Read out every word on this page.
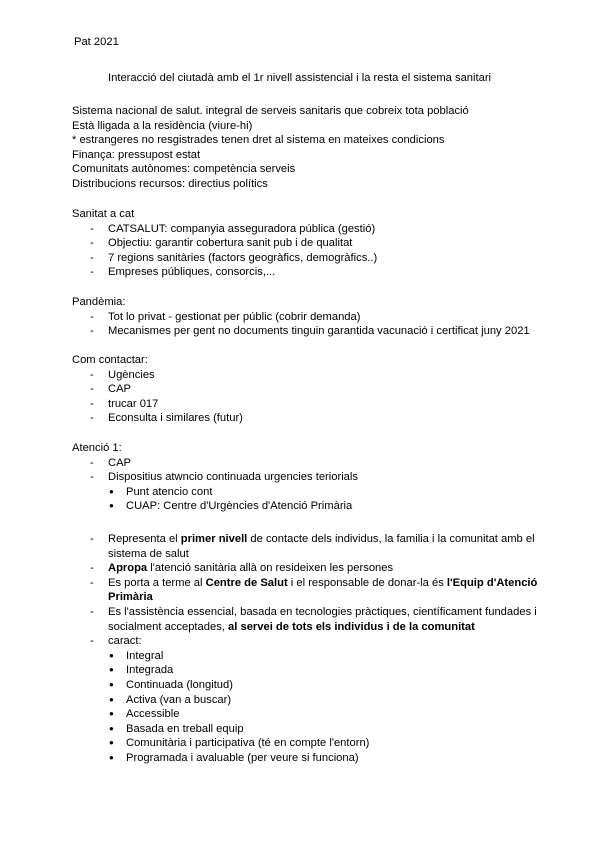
Pat 2021
Interacció del ciutadà amb el 1r nivell assistencial i la resta el sistema sanitari
Sistema nacional de salut. integral de serveis sanitaris que cobreix tota població
Està lligada a la residència (viure-hi)
* estrangeres no resgistrades tenen dret al sistema en mateixes condicions
Finança: pressupost estat
Comunitats autònomes: competència serveis
Distribucions recursos: directius polítics
Sanitat a cat
- CATSALUT: companyia asseguradora pública (gestió)
- Objectiu: garantir cobertura sanit pub i de qualitat
- 7 regions sanitàries (factors geogràfics, demogràfics..)
- Empreses públiques, consorcis,...
Pandèmia:
- Tot lo privat - gestionat per públic (cobrir demanda)
- Mecanismes per gent no documents tinguin garantida vacunació i certificat juny 2021
Com contactar:
- Ugències
- CAP
- trucar 017
- Econsulta i similares (futur)
Atenció 1:
- CAP
- Dispositius atwncio continuada urgencies teriorials
● Punt atencio cont
● CUAP: Centre d'Urgències d'Atenció Primària
- Representa el primer nivell de contacte dels individus, la familia i la comunitat amb el sistema de salut
- Apropa l'atenció sanitària allà on resideixen les persones
- Es porta a terme al Centre de Salut i el responsable de donar-la és l'Equip d'Atenció Primària
- Es l'assistència essencial, basada en tecnologies pràctiques, científicament fundades i socialment acceptades, al servei de tots els individus i de la comunitat
- caract:
● Integral
● Integrada
● Continuada (longitud)
● Activa (van a buscar)
● Accessible
● Basada en treball equip
● Comunitària i participativa (té en compte l'entorn)
● Programada i avaluable (per veure si funciona)
